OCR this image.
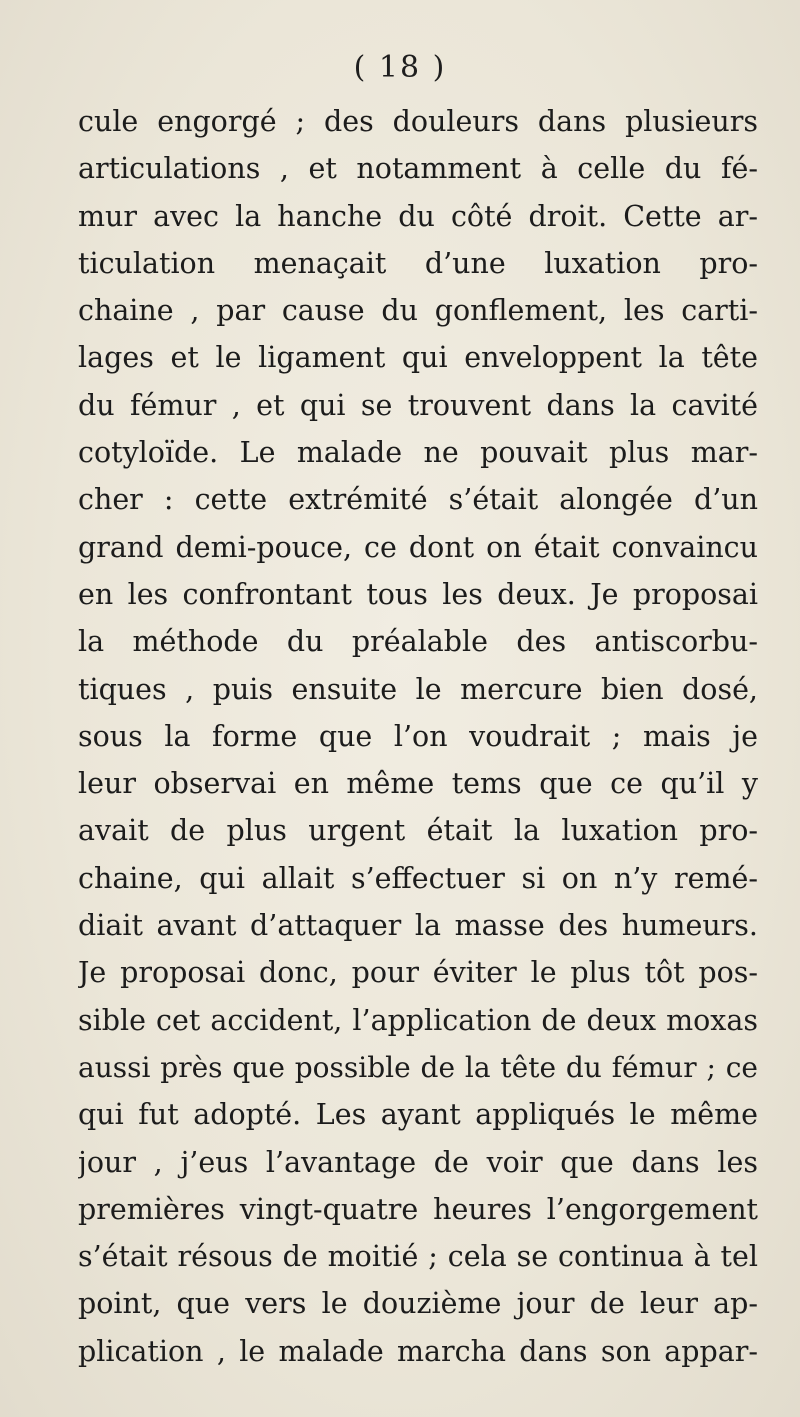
( 18 )
cule engorgé ; des douleurs dans plusieurs
articulations , et notamment à celle du fé-
mur avec la hanche du côté droit. Cette ar-
ticulation menaçait d’une luxation pro-
chaine , par cause du gonflement, les carti-
lages et le ligament qui enveloppent la tête
du fémur , et qui se trouvent dans la cavité
cotyloïde. Le malade ne pouvait plus mar-
cher : cette extrémité s’était alongée d’un
grand demi-pouce, ce dont on était convaincu
en les confrontant tous les deux. Je proposai
la méthode du préalable des antiscorbu-
tiques , puis ensuite le mercure bien dosé,
sous la forme que l’on voudrait ; mais je
leur observai en même tems que ce qu’il y
avait de plus urgent était la luxation pro-
chaine, qui allait s’effectuer si on n’y remé-
diait avant d’attaquer la masse des humeurs.
Je proposai donc, pour éviter le plus tôt pos-
sible cet accident, l’application de deux moxas
aussi près que possible de la tête du fémur ; ce
qui fut adopté. Les ayant appliqués le même
jour , j’eus l’avantage de voir que dans les
premières vingt-quatre heures l’engorgement
s’était résous de moitié ; cela se continua à tel
point, que vers le douzième jour de leur ap-
plication , le malade marcha dans son appar-
